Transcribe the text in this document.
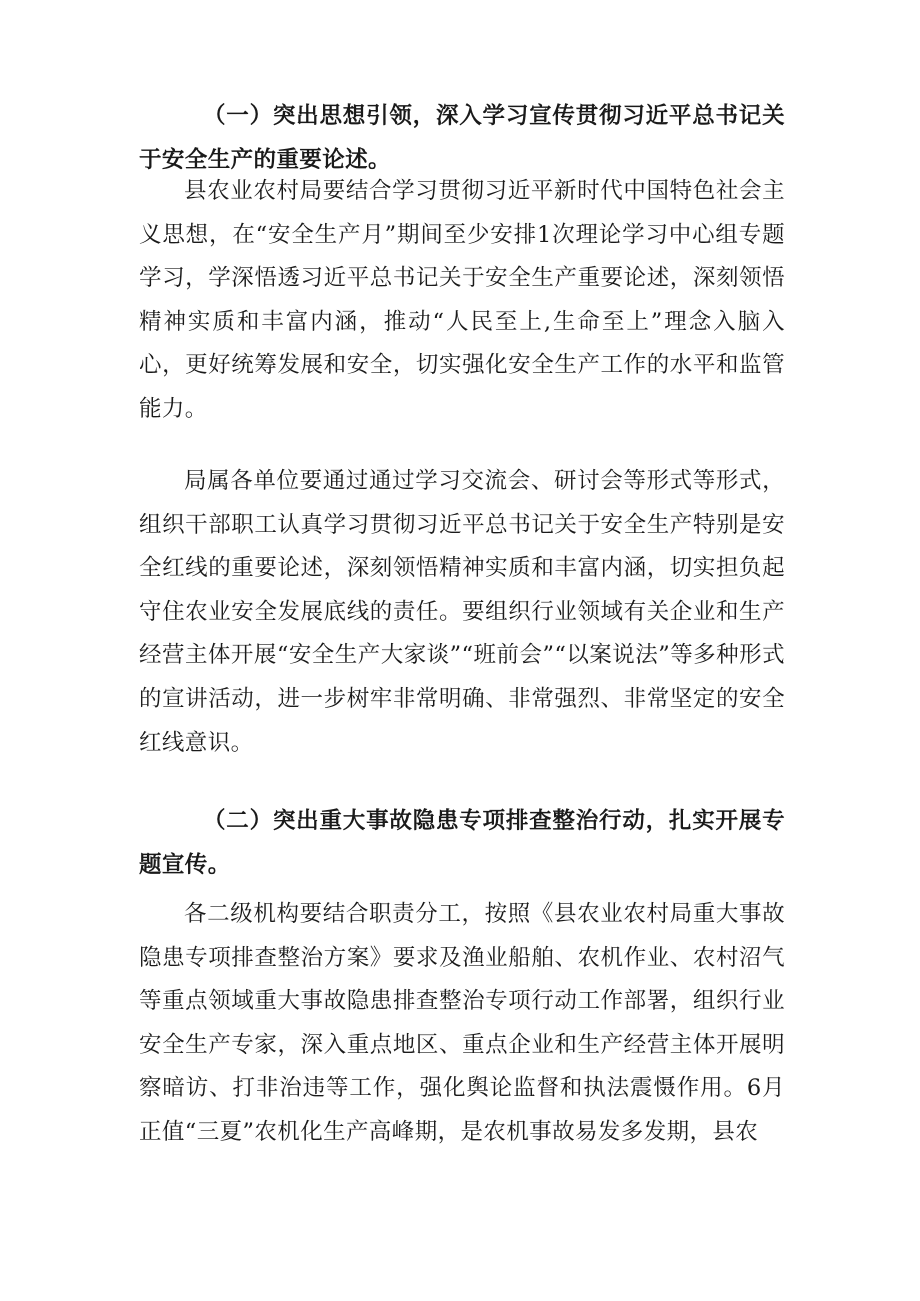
（一）突出思想引领，深入学习宣传贯彻习近平总书记关于安全生产的重要论述。

县农业农村局要结合学习贯彻习近平新时代中国特色社会主义思想，在“安全生产月”期间至少安排1次理论学习中心组专题学习，学深悟透习近平总书记关于安全生产重要论述，深刻领悟精神实质和丰富内涵，推动“人民至上,生命至上”理念入脑入心，更好统筹发展和安全，切实强化安全生产工作的水平和监管能力。

局属各单位要通过通过学习交流会、研讨会等形式等形式，组织干部职工认真学习贯彻习近平总书记关于安全生产特别是安全红线的重要论述，深刻领悟精神实质和丰富内涵，切实担负起守住农业安全发展底线的责任。要组织行业领域有关企业和生产经营主体开展“安全生产大家谈”“班前会”“以案说法”等多种形式的宣讲活动，进一步树牢非常明确、非常强烈、非常坚定的安全红线意识。

（二）突出重大事故隐患专项排查整治行动，扎实开展专题宣传。

各二级机构要结合职责分工，按照《县农业农村局重大事故隐患专项排查整治方案》要求及渔业船舶、农机作业、农村沼气等重点领域重大事故隐患排查整治专项行动工作部署，组织行业安全生产专家，深入重点地区、重点企业和生产经营主体开展明察暗访、打非治违等工作，强化舆论监督和执法震慑作用。6月正值“三夏”农机化生产高峰期，是农机事故易发多发期，县农
